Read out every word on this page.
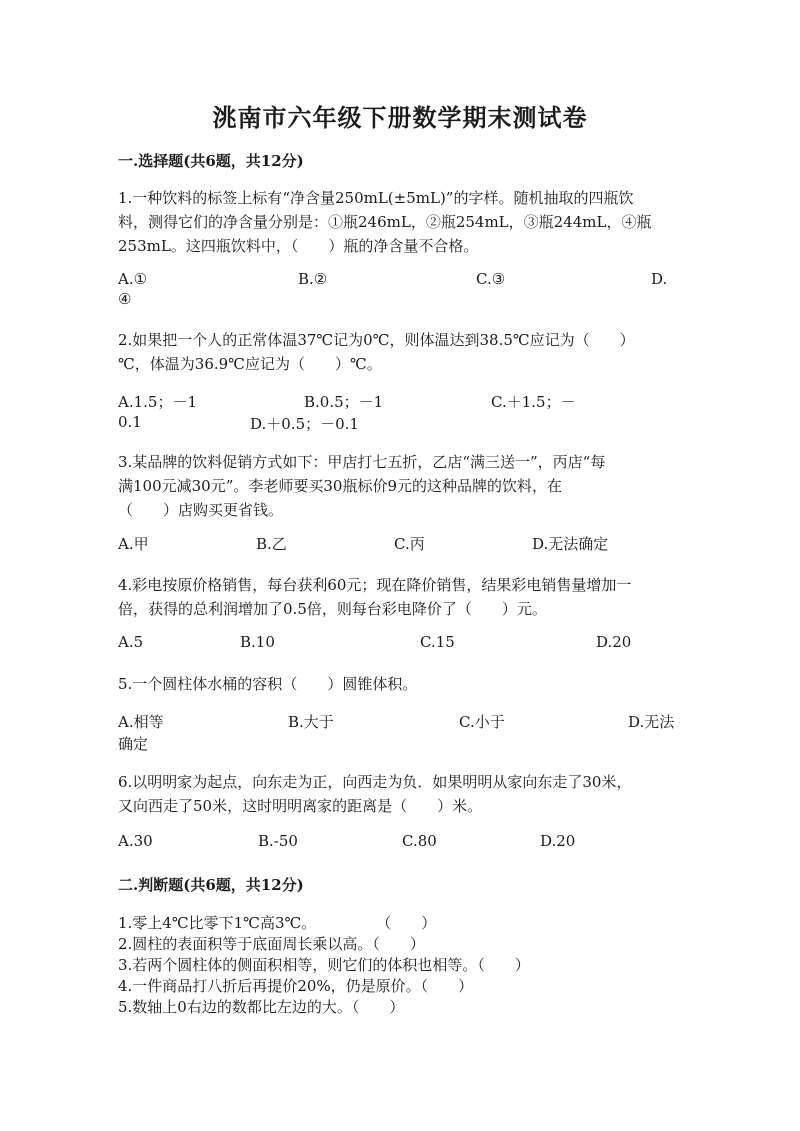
洮南市六年级下册数学期末测试卷
一.选择题(共6题，共12分)
1.一种饮料的标签上标有“净含量250mL(±5mL)”的字样。随机抽取的四瓶饮
料，测得它们的净含量分别是：①瓶246mL，②瓶254mL，③瓶244mL，④瓶
253mL。这四瓶饮料中，（　　）瓶的净含量不合格。
A.①	B.②	C.③	D.
④
2.如果把一个人的正常体温37℃记为0℃，则体温达到38.5℃应记为（　　）
℃，体温为36.9℃应记为（　　）℃。
A.1.5；－1	B.0.5；－1	C.＋1.5；－
0.1	D.＋0.5；－0.1
3.某品牌的饮料促销方式如下：甲店打七五折，乙店“满三送一”，丙店“每
满100元减30元”。李老师要买30瓶标价9元的这种品牌的饮料，在
（　　）店购买更省钱。
A.甲	B.乙	C.丙	D.无法确定
4.彩电按原价格销售，每台获利60元；现在降价销售，结果彩电销售量增加一
倍，获得的总利润增加了0.5倍，则每台彩电降价了（　　）元。
A.5	B.10	C.15	D.20
5.一个圆柱体水桶的容积（　　）圆锥体积。
A.相等	B.大于	C.小于	D.无法
确定
6.以明明家为起点，向东走为正，向西走为负．如果明明从家向东走了30米，
又向西走了50米，这时明明离家的距离是（　　）米。
A.30	B.-50	C.80	D.20
二.判断题(共6题，共12分)
1.零上4℃比零下1℃高3℃。　　　　　（　　）
2.圆柱的表面积等于底面周长乘以高。（　　）
3.若两个圆柱体的侧面积相等，则它们的体积也相等。（　　）
4.一件商品打八折后再提价20%，仍是原价。（　　）
5.数轴上0右边的数都比左边的大。（　　）
